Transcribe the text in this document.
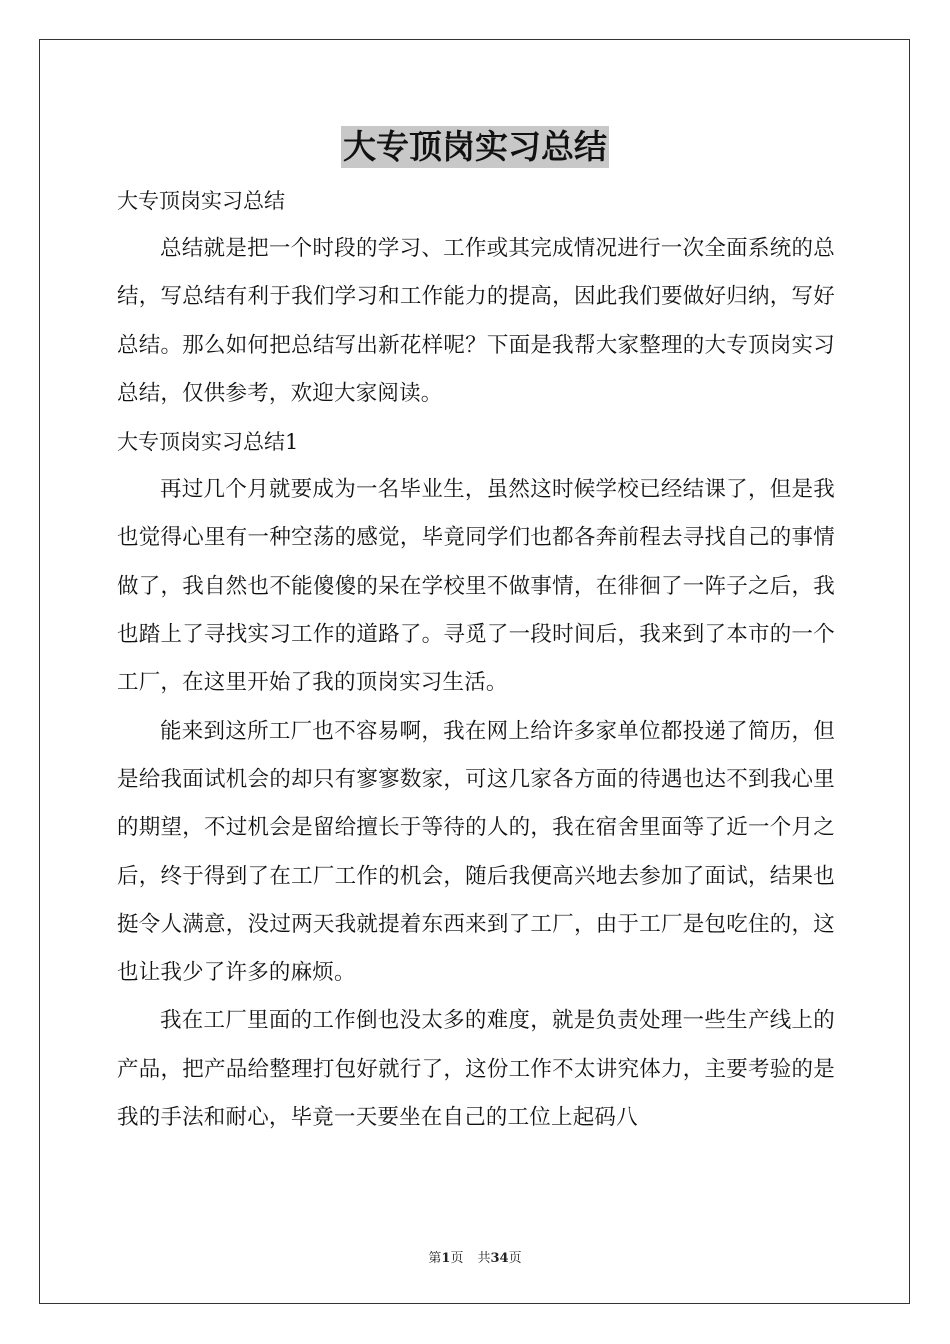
大专顶岗实习总结

大专顶岗实习总结

总结就是把一个时段的学习、工作或其完成情况进行一次全面系统的总结，写总结有利于我们学习和工作能力的提高，因此我们要做好归纳，写好总结。那么如何把总结写出新花样呢？下面是我帮大家整理的大专顶岗实习总结，仅供参考，欢迎大家阅读。

大专顶岗实习总结1

再过几个月就要成为一名毕业生，虽然这时候学校已经结课了，但是我也觉得心里有一种空荡的感觉，毕竟同学们也都各奔前程去寻找自己的事情做了，我自然也不能傻傻的呆在学校里不做事情，在徘徊了一阵子之后，我也踏上了寻找实习工作的道路了。寻觅了一段时间后，我来到了本市的一个工厂，在这里开始了我的顶岗实习生活。

能来到这所工厂也不容易啊，我在网上给许多家单位都投递了简历，但是给我面试机会的却只有寥寥数家，可这几家各方面的待遇也达不到我心里的期望，不过机会是留给擅长于等待的人的，我在宿舍里面等了近一个月之后，终于得到了在工厂工作的机会，随后我便高兴地去参加了面试，结果也挺令人满意，没过两天我就提着东西来到了工厂，由于工厂是包吃住的，这也让我少了许多的麻烦。

我在工厂里面的工作倒也没太多的难度，就是负责处理一些生产线上的产品，把产品给整理打包好就行了，这份工作不太讲究体力，主要考验的是我的手法和耐心，毕竟一天要坐在自己的工位上起码八

第1页 共34页
